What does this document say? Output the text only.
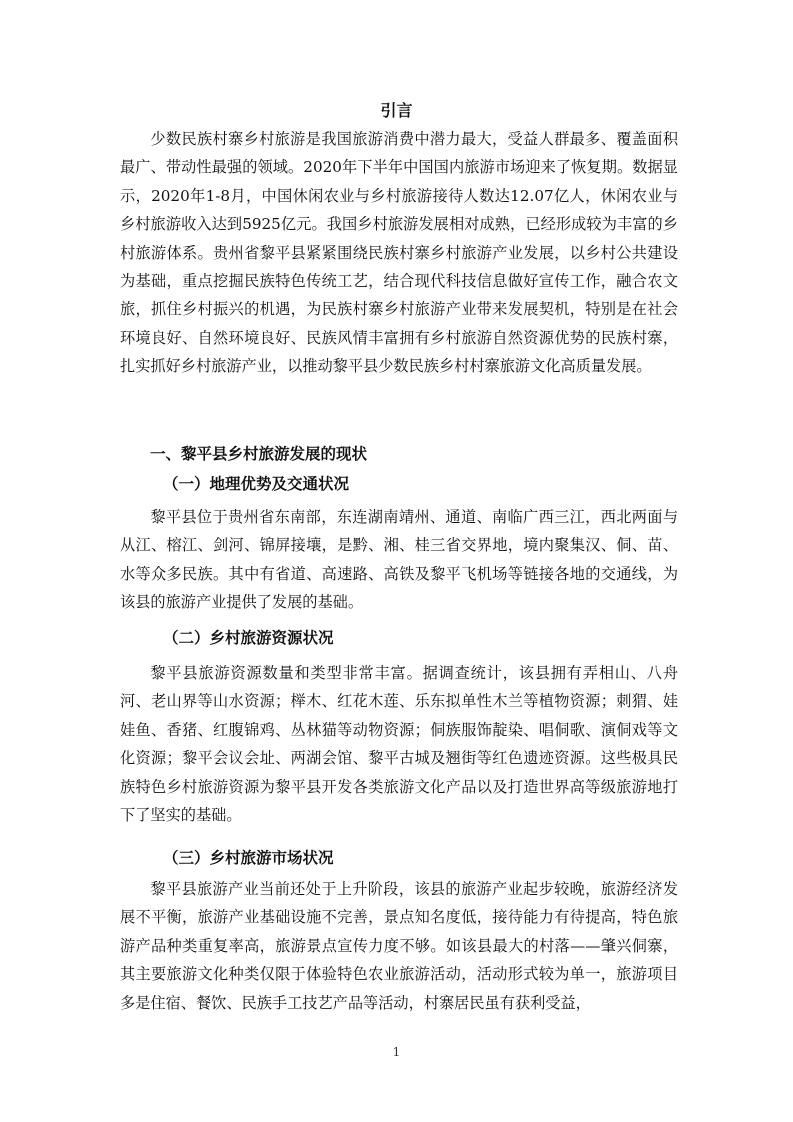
引言

少数民族村寨乡村旅游是我国旅游消费中潜力最大，受益人群最多、覆盖面积最广、带动性最强的领域。2020年下半年中国国内旅游市场迎来了恢复期。数据显示，2020年1-8月，中国休闲农业与乡村旅游接待人数达12.07亿人，休闲农业与乡村旅游收入达到5925亿元。我国乡村旅游发展相对成熟，已经形成较为丰富的乡村旅游体系。贵州省黎平县紧紧围绕民族村寨乡村旅游产业发展，以乡村公共建设为基础，重点挖掘民族特色传统工艺，结合现代科技信息做好宣传工作，融合农文旅，抓住乡村振兴的机遇，为民族村寨乡村旅游产业带来发展契机，特别是在社会环境良好、自然环境良好、民族风情丰富拥有乡村旅游自然资源优势的民族村寨，扎实抓好乡村旅游产业，以推动黎平县少数民族乡村村寨旅游文化高质量发展。

一、黎平县乡村旅游发展的现状
（一）地理优势及交通状况

黎平县位于贵州省东南部，东连湖南靖州、通道、南临广西三江，西北两面与从江、榕江、剑河、锦屏接壤，是黔、湘、桂三省交界地，境内聚集汉、侗、苗、水等众多民族。其中有省道、高速路、高铁及黎平飞机场等链接各地的交通线，为该县的旅游产业提供了发展的基础。

（二）乡村旅游资源状况

黎平县旅游资源数量和类型非常丰富。据调查统计，该县拥有弄相山、八舟河、老山界等山水资源；榉木、红花木莲、乐东拟单性木兰等植物资源；刺猬、娃娃鱼、香猪、红腹锦鸡、丛林猫等动物资源；侗族服饰靛染、唱侗歌、演侗戏等文化资源；黎平会议会址、两湖会馆、黎平古城及翘街等红色遗迹资源。这些极具民族特色乡村旅游资源为黎平县开发各类旅游文化产品以及打造世界高等级旅游地打下了坚实的基础。

（三）乡村旅游市场状况

黎平县旅游产业当前还处于上升阶段，该县的旅游产业起步较晚，旅游经济发展不平衡，旅游产业基础设施不完善，景点知名度低，接待能力有待提高，特色旅游产品种类重复率高，旅游景点宣传力度不够。如该县最大的村落——肇兴侗寨，其主要旅游文化种类仅限于体验特色农业旅游活动，活动形式较为单一，旅游项目多是住宿、餐饮、民族手工技艺产品等活动，村寨居民虽有获利受益，

1
